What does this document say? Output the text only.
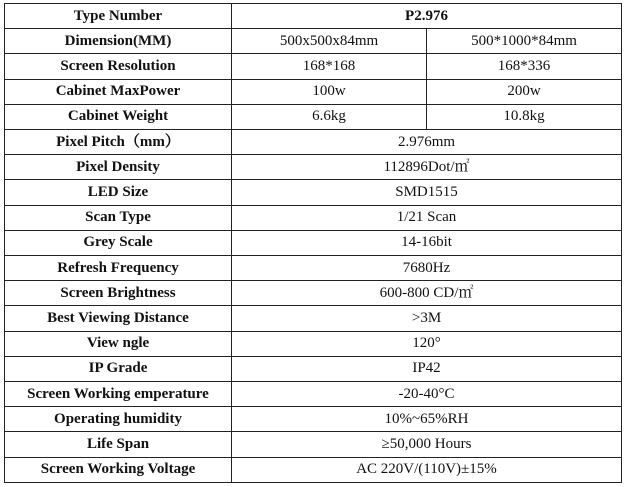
Type Number	P2.976	
Dimension(MM)	500x500x84mm	500*1000*84mm
Screen Resolution	168*168	168*336
Cabinet MaxPower	100w	200w
Cabinet Weight	6.6kg	10.8kg
Pixel Pitch（mm）	2.976mm	
Pixel Density	112896Dot/㎡	
LED Size	SMD1515	
Scan Type	1/21 Scan	
Grey Scale	14-16bit	
Refresh Frequency	7680Hz	
Screen Brightness	600-800 CD/㎡	
Best Viewing Distance	>3M	
View ngle	120°	
IP Grade	IP42	
Screen Working emperature	-20-40°C	
Operating humidity	10%~65%RH	
Life Span	≥50,000 Hours	
Screen Working Voltage	AC 220V/(110V)±15%	
